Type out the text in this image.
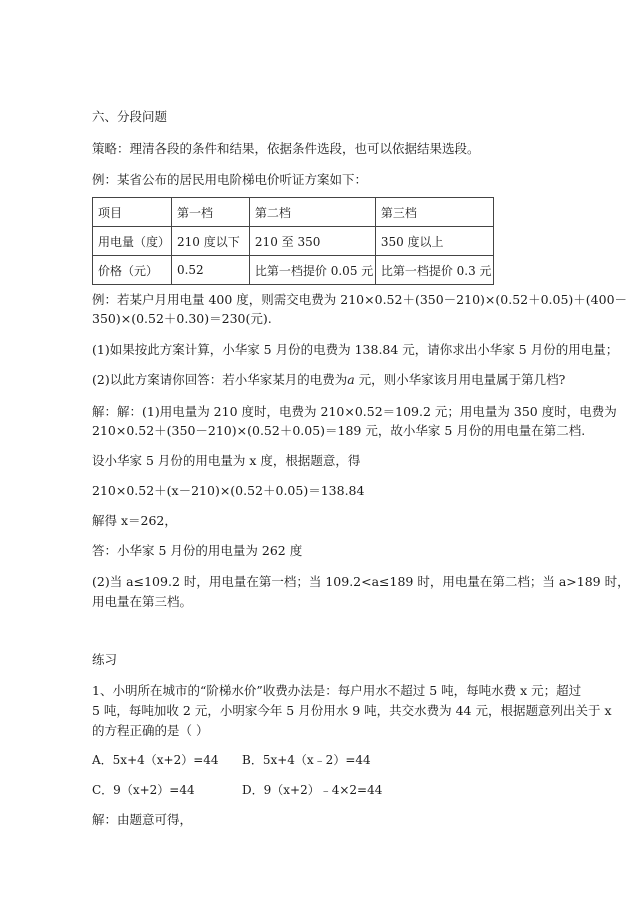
六、分段问题
策略：理清各段的条件和结果，依据条件选段，也可以依据结果选段。
例：某省公布的居民用电阶梯电价听证方案如下：
项目	第一档	第二档	第三档
用电量（度）	210 度以下	210 至 350	350 度以上
价格（元）	0.52	比第一档提价 0.05 元	比第一档提价 0.3 元
例：若某户月用电量 400 度，则需交电费为 210×0.52＋(350－210)×(0.52＋0.05)＋(400－
350)×(0.52＋0.30)＝230(元).
(1)如果按此方案计算，小华家 5 月份的电费为 138.84 元，请你求出小华家 5 月份的用电量；
(2)以此方案请你回答：若小华家某月的电费为a 元，则小华家该月用电量属于第几档?
解：解：(1)用电量为 210 度时，电费为 210×0.52＝109.2 元；用电量为 350 度时，电费为
210×0.52＋(350－210)×(0.52＋0.05)＝189 元，故小华家 5 月份的用电量在第二档.
设小华家 5 月份的用电量为 x 度，根据题意，得
210×0.52＋(x－210)×(0.52＋0.05)＝138.84
解得 x＝262，
答：小华家 5 月份的用电量为 262 度
(2)当 a≤109.2 时，用电量在第一档；当 109.2<a≤189 时，用电量在第二档；当 a>189 时，
用电量在第三档。
练习
1、小明所在城市的“阶梯水价”收费办法是：每户用水不超过 5 吨，每吨水费 x 元；超过
5 吨，每吨加收 2 元，小明家今年 5 月份用水 9 吨，共交水费为 44 元，根据题意列出关于 x
的方程正确的是（ ）
A．5x+4（x+2）=44 B．5x+4（x﹣2）=44
C．9（x+2）=44	D．9（x+2）﹣4×2=44
解：由题意可得，
